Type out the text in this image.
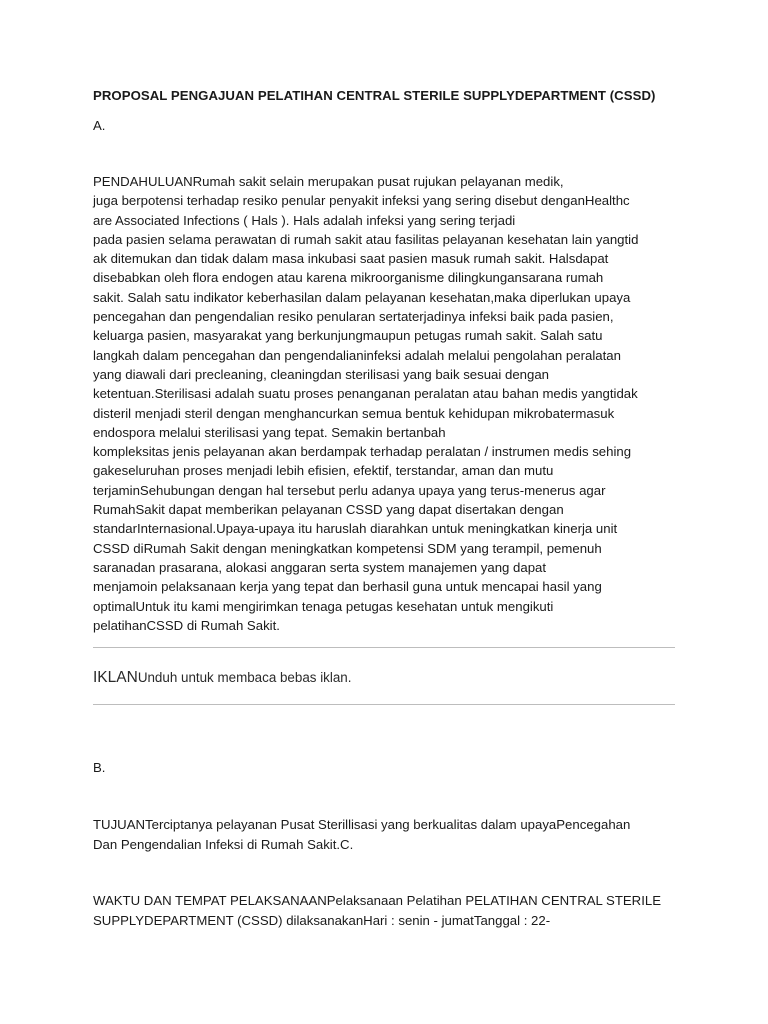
PROPOSAL PENGAJUAN PELATIHAN CENTRAL STERILE SUPPLYDEPARTMENT (CSSD)
A.
PENDAHULUANRumah sakit selain merupakan pusat rujukan pelayanan medik,
juga berpotensi terhadap resiko penular penyakit infeksi yang sering disebut denganHealthc
are Associated Infections ( Hals ). Hals adalah infeksi yang sering terjadi
pada pasien selama perawatan di rumah sakit atau fasilitas pelayanan kesehatan lain yangtid
ak ditemukan dan tidak dalam masa inkubasi saat pasien masuk rumah sakit. Halsdapat
disebabkan oleh flora endogen atau karena mikroorganisme dilingkungansarana rumah
sakit. Salah satu indikator keberhasilan dalam pelayanan kesehatan,maka diperlukan upaya
pencegahan dan pengendalian resiko penularan sertaterjadinya infeksi baik pada pasien,
keluarga pasien, masyarakat yang berkunjungmaupun petugas rumah sakit. Salah satu
langkah dalam pencegahan dan pengendalianinfeksi adalah melalui pengolahan peralatan
yang diawali dari precleaning, cleaningdan sterilisasi yang baik sesuai dengan
ketentuan.Sterilisasi adalah suatu proses penanganan peralatan atau bahan medis yangtidak
disteril menjadi steril dengan menghancurkan semua bentuk kehidupan mikrobatermasuk
endospora melalui sterilisasi yang tepat. Semakin bertanbah
kompleksitas jenis pelayanan akan berdampak terhadap peralatan / instrumen medis sehing
gakeseluruhan proses menjadi lebih efisien, efektif, terstandar, aman dan mutu
terjaminSehubungan dengan hal tersebut perlu adanya upaya yang terus-menerus agar
RumahSakit dapat memberikan pelayanan CSSD yang dapat disertakan dengan
standarInternasional.Upaya-upaya itu haruslah diarahkan untuk meningkatkan kinerja unit
CSSD diRumah Sakit dengan meningkatkan kompetensi SDM yang terampil, pemenuh
saranadan prasarana, alokasi anggaran serta system manajemen yang dapat
menjamoin pelaksanaan kerja yang tepat dan berhasil guna untuk mencapai hasil yang
optimalUntuk itu kami mengirimkan tenaga petugas kesehatan untuk mengikuti
pelatihanCSSD di Rumah Sakit.
IKLANUnduh untuk membaca bebas iklan.
B.
TUJUANTerciptanya pelayanan Pusat Sterillisasi yang berkualitas dalam upayaPencegahan
Dan Pengendalian Infeksi di Rumah Sakit.C.
WAKTU DAN TEMPAT PELAKSANAANPelaksanaan Pelatihan PELATIHAN CENTRAL STERILE
SUPPLYDEPARTMENT (CSSD) dilaksanakanHari : senin - jumatTanggal : 22-
